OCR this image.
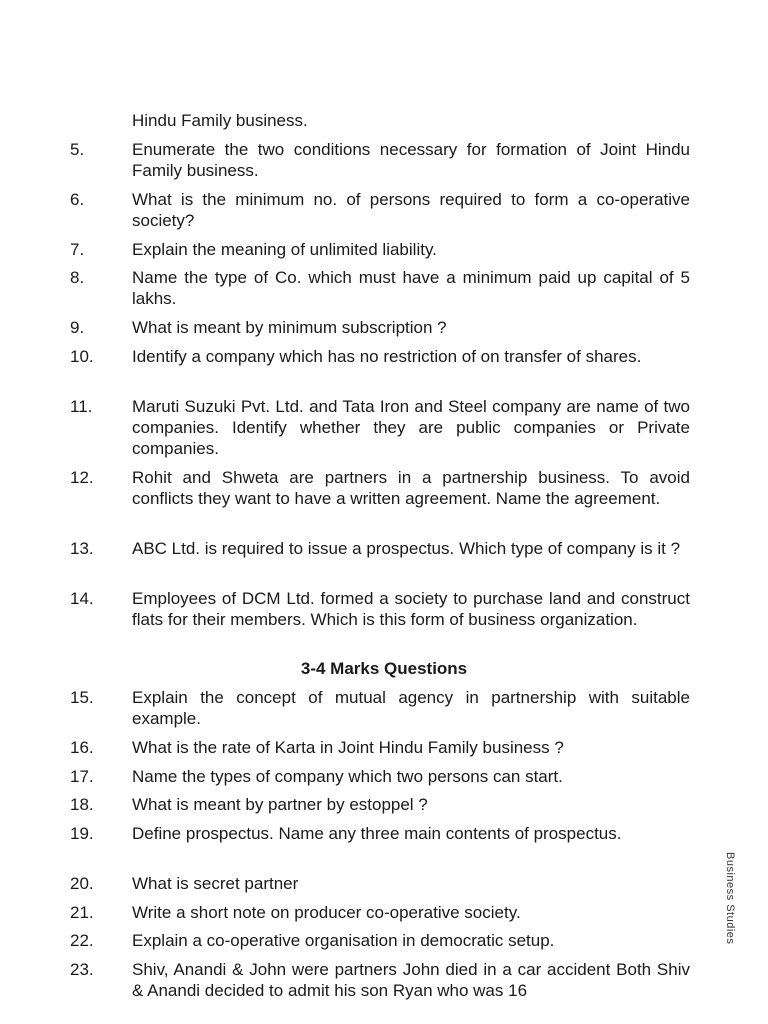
Hindu Family business.
5.	Enumerate the two conditions necessary for formation of Joint Hindu Family business.
6.	What is the minimum no. of persons required to form a co-operative society?
7.	Explain the meaning of unlimited liability.
8.	Name the type of Co. which must have a minimum paid up capital of 5 lakhs.
9.	What is meant by minimum subscription ?
10. Identify a company which has no restriction of on transfer of shares.
11. Maruti Suzuki Pvt. Ltd. and Tata Iron and Steel company are name of two companies. Identify whether they are public companies or Private companies.
12. Rohit and Shweta are partners in a partnership business. To avoid conflicts they want to have a written agreement. Name the agreement.
13. ABC Ltd. is required to issue a prospectus. Which type of company is it ?
14. Employees of DCM Ltd. formed a society to purchase land and construct flats for their members. Which is this form of business organization.
3-4 Marks Questions
15. Explain the concept of mutual agency in partnership with suitable example.
16. What is the rate of Karta in Joint Hindu Family business ?
17. Name the types of company which two persons can start.
18. What is meant by partner by estoppel ?
19. Define prospectus. Name any three main contents of prospectus.
20. What is secret partner
21. Write a short note on producer co-operative society.
22. Explain a co-operative organisation in democratic setup.
23. Shiv, Anandi & John were partners John died in a car accident Both Shiv & Anandi decided to admit his son Ryan who was 16
Business Studies
